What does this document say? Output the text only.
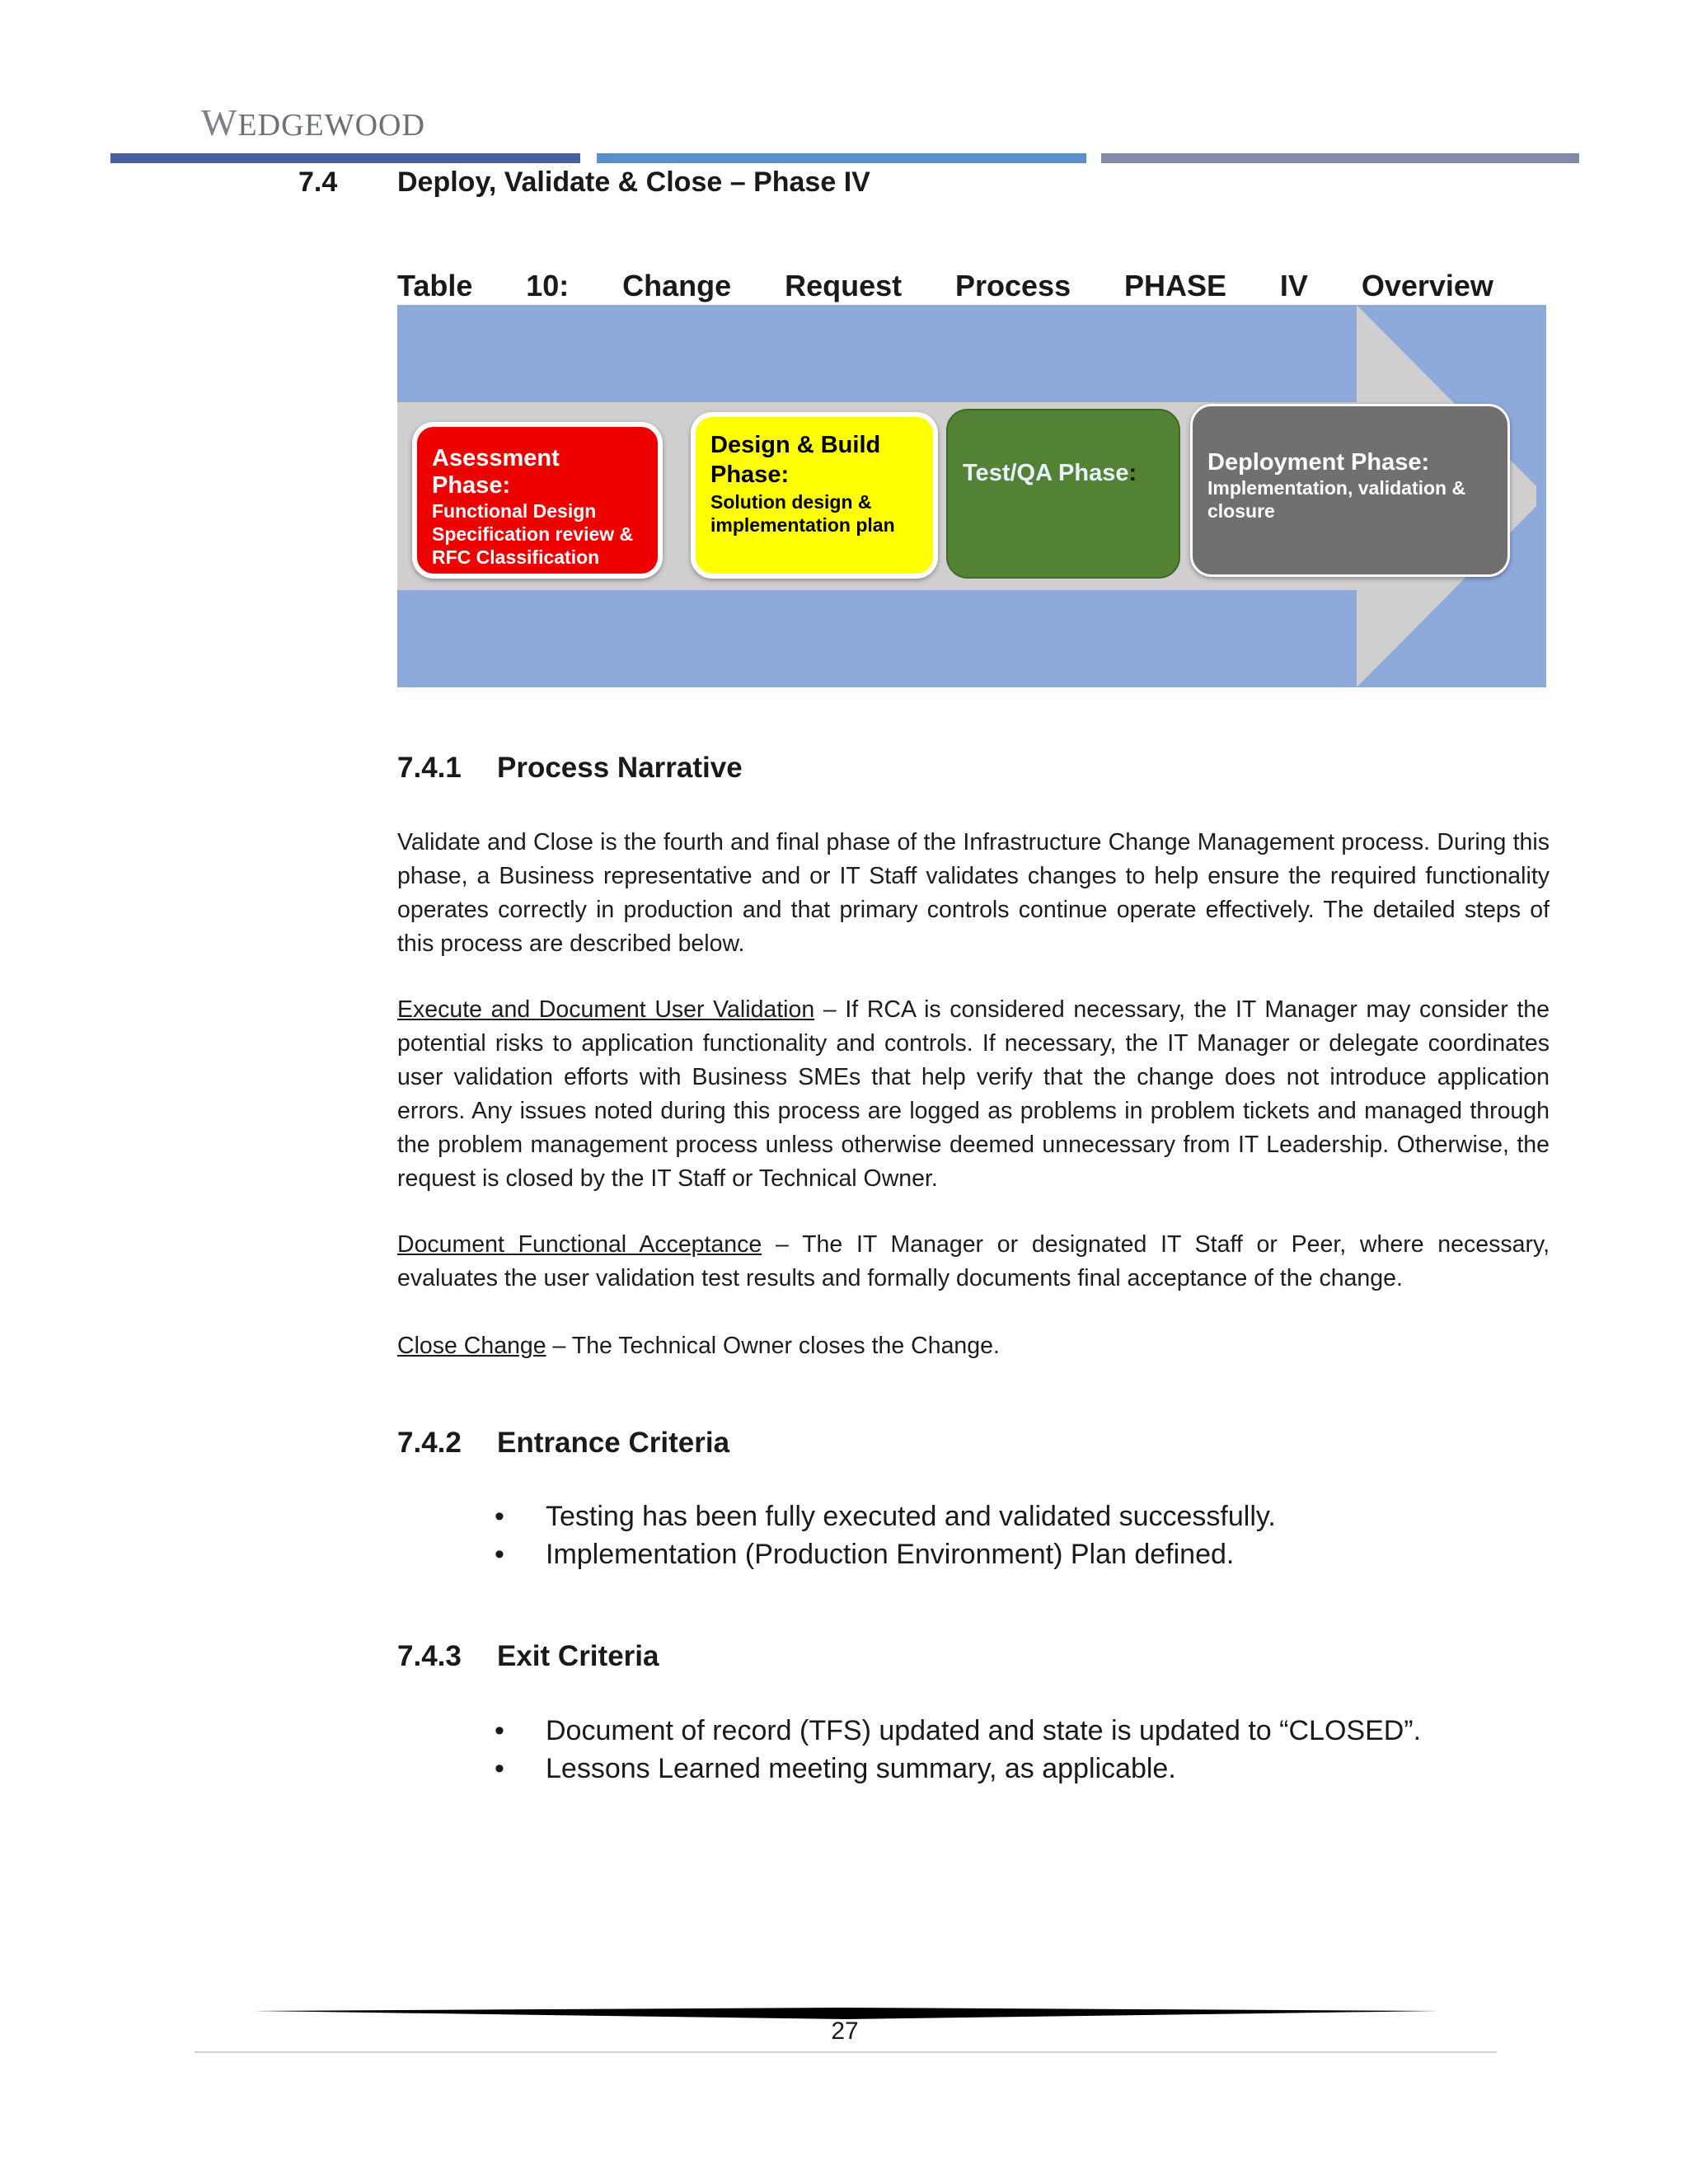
WEDGEWOOD
7.4 Deploy, Validate & Close – Phase IV
Table 10: Change Request Process PHASE IV Overview
Asessment Phase:
Functional Design Specification review & RFC Classification
Design & Build Phase:
Solution design & implementation plan
Test/QA Phase:	Deployment Phase:
Implementation, validation & closure
7.4.1 Process Narrative
Validate and Close is the fourth and final phase of the Infrastructure Change Management process. During this phase, a Business representative and or IT Staff validates changes to help ensure the required functionality operates correctly in production and that primary controls continue operate effectively. The detailed steps of this process are described below.
Execute and Document User Validation – If RCA is considered necessary, the IT Manager may consider the potential risks to application functionality and controls. If necessary, the IT Manager or delegate coordinates user validation efforts with Business SMEs that help verify that the change does not introduce application errors. Any issues noted during this process are logged as problems in problem tickets and managed through the problem management process unless otherwise deemed unnecessary from IT Leadership. Otherwise, the request is closed by the IT Staff or Technical Owner.
Document Functional Acceptance – The IT Manager or designated IT Staff or Peer, where necessary, evaluates the user validation test results and formally documents final acceptance of the change.
Close Change – The Technical Owner closes the Change.
7.4.2 Entrance Criteria
• Testing has been fully executed and validated successfully.
• Implementation (Production Environment) Plan defined.
7.4.3 Exit Criteria
• Document of record (TFS) updated and state is updated to “CLOSED”.
• Lessons Learned meeting summary, as applicable.
27
